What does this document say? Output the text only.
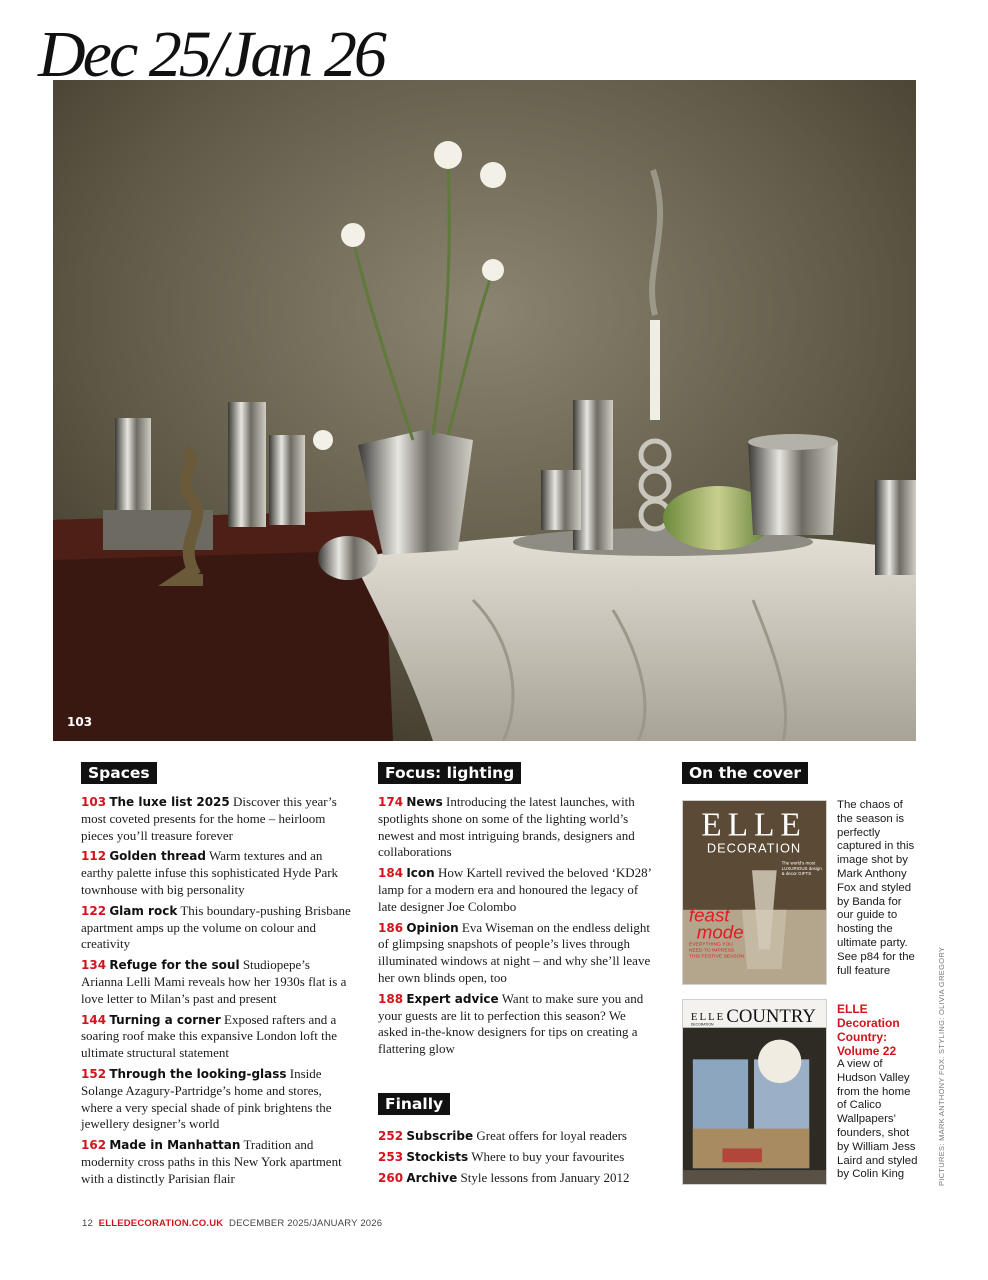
Dec 25/Jan 26
103
Spaces
103 The luxe list 2025 Discover this year’s most coveted presents for the home – heirloom pieces you’ll treasure forever
112 Golden thread Warm textures and an earthy palette infuse this sophisticated Hyde Park townhouse with big personality
122 Glam rock This boundary-pushing Brisbane apartment amps up the volume on colour and creativity
134 Refuge for the soul Studiopepe’s Arianna Lelli Mami reveals how her 1930s flat is a love letter to Milan’s past and present
144 Turning a corner Exposed rafters and a soaring roof make this expansive London loft the ultimate structural statement
152 Through the looking-glass Inside Solange Azagury-Partridge’s home and stores, where a very special shade of pink brightens the jewellery designer’s world
162 Made in Manhattan Tradition and modernity cross paths in this New York apartment with a distinctly Parisian flair
Focus: lighting
174 News Introducing the latest launches, with spotlights shone on some of the lighting world’s newest and most intriguing brands, designers and collaborations
184 Icon How Kartell revived the beloved ‘KD28’ lamp for a modern era and honoured the legacy of late designer Joe Colombo
186 Opinion Eva Wiseman on the endless delight of glimpsing snapshots of people’s lives through illuminated windows at night – and why she’ll leave her own blinds open, too
188 Expert advice Want to make sure you and your guests are lit to perfection this season? We asked in-the-know designers for tips on creating a flattering glow
Finally
252 Subscribe Great offers for loyal readers
253 Stockists Where to buy your favourites
260 Archive Style lessons from January 2012
On the cover
ELLE
DECORATION
feast
mode
EVERYTHING YOU NEED TO IMPRESS THIS FESTIVE SEASON
The world’s most LUXURIOUS design & decor GIFTS
The chaos of the season is perfectly captured in this image shot by Mark Anthony Fox and styled by Banda for our guide to hosting the ultimate party. See p84 for the full feature
ELLE
DECORATION COUNTRY ELLE Decoration Country: Volume 22
A view of Hudson Valley from the home of Calico Wallpapers’ founders, shot by William Jess Laird and styled by Colin King	PICTURES: MARK ANTHONY FOX. STYLING: OLIVIA GREGORY
12 ELLEDECORATION.CO.UK DECEMBER 2025/JANUARY 2026
